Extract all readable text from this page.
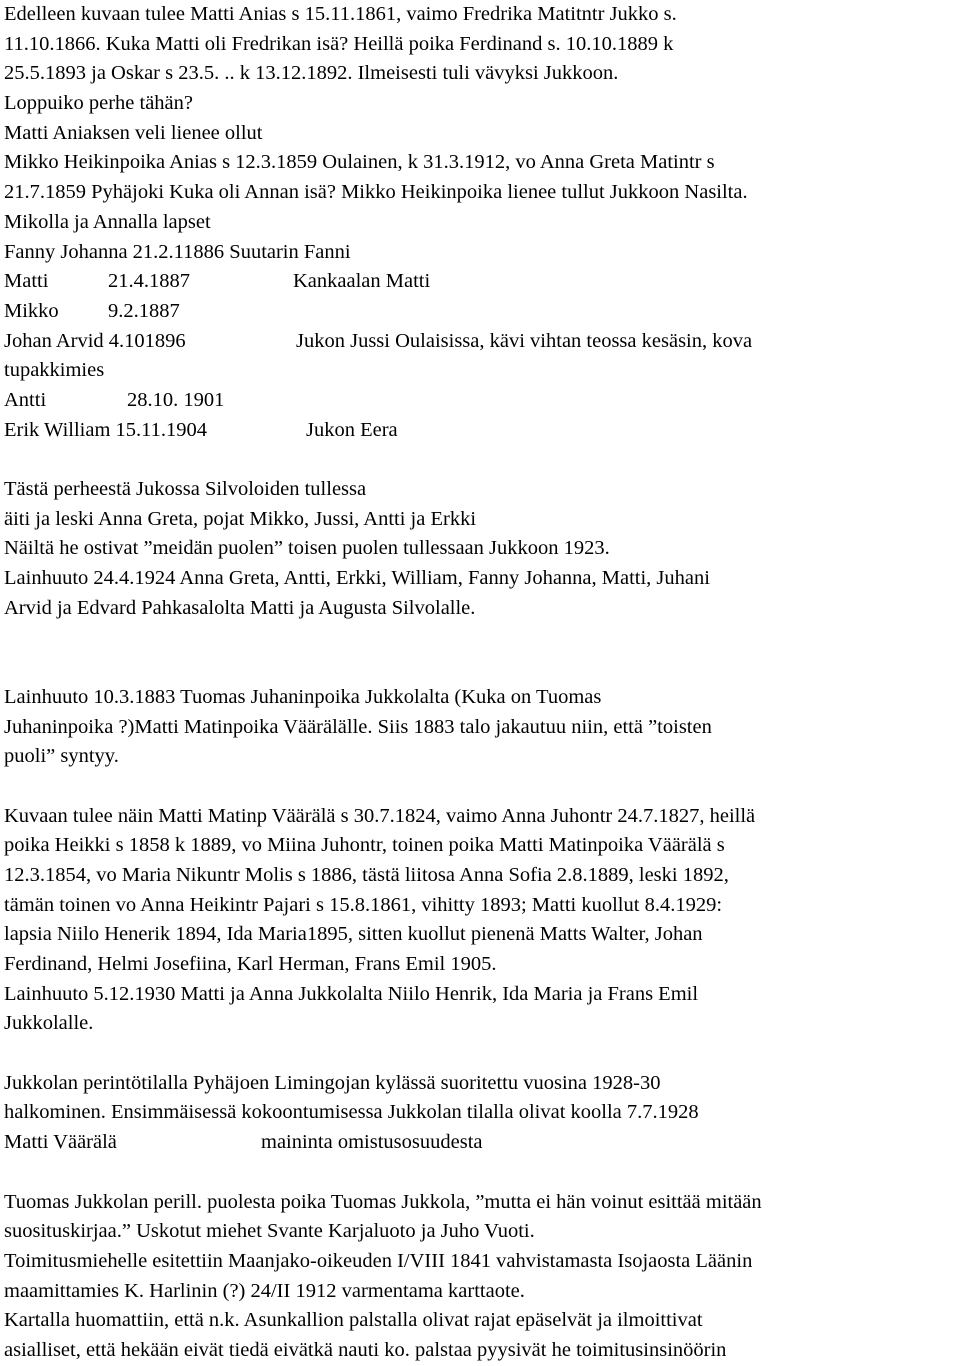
Edelleen kuvaan tulee Matti Anias s 15.11.1861, vaimo Fredrika Matitntr Jukko s.
11.10.1866. Kuka Matti oli Fredrikan isä? Heillä poika Ferdinand s. 10.10.1889 k
25.5.1893 ja Oskar s 23.5. .. k 13.12.1892. Ilmeisesti tuli vävyksi Jukkoon.
Loppuiko perhe tähän?
Matti Aniaksen veli lienee ollut
Mikko Heikinpoika Anias s 12.3.1859 Oulainen, k 31.3.1912, vo Anna Greta Matintr s
21.7.1859 Pyhäjoki Kuka oli Annan isä? Mikko Heikinpoika lienee tullut Jukkoon Nasilta.
Mikolla ja Annalla lapset
Fanny Johanna 21.2.11886 Suutarin Fanni
Matti	21.4.1887	Kankaalan Matti
Mikko 9.2.1887
Johan Arvid 4.101896	Jukon Jussi Oulaisissa, kävi vihtan teossa kesäsin, kova
tupakkimies
Antti	28.10. 1901
Erik William 15.11.1904	Jukon Eera
Tästä perheestä Jukossa Silvoloiden tullessa
äiti ja leski Anna Greta, pojat Mikko, Jussi, Antti ja Erkki
Näiltä he ostivat ”meidän puolen” toisen puolen tullessaan Jukkoon 1923.
Lainhuuto 24.4.1924 Anna Greta, Antti, Erkki, William, Fanny Johanna, Matti, Juhani
Arvid ja Edvard Pahkasalolta Matti ja Augusta Silvolalle.
Lainhuuto 10.3.1883 Tuomas Juhaninpoika Jukkolalta (Kuka on Tuomas
Juhaninpoika ?)Matti Matinpoika Väärälälle. Siis 1883 talo jakautuu niin, että ”toisten
puoli” syntyy.
Kuvaan tulee näin Matti Matinp Väärälä s 30.7.1824, vaimo Anna Juhontr 24.7.1827, heillä
poika Heikki s 1858 k 1889, vo Miina Juhontr, toinen poika Matti Matinpoika Väärälä s
12.3.1854, vo Maria Nikuntr Molis s 1886, tästä liitosa Anna Sofia 2.8.1889, leski 1892,
tämän toinen vo Anna Heikintr Pajari s 15.8.1861, vihitty 1893; Matti kuollut 8.4.1929:
lapsia Niilo Henerik 1894, Ida Maria1895, sitten kuollut pienenä Matts Walter, Johan
Ferdinand, Helmi Josefiina, Karl Herman, Frans Emil 1905.
Lainhuuto 5.12.1930 Matti ja Anna Jukkolalta Niilo Henrik, Ida Maria ja Frans Emil
Jukkolalle.
Jukkolan perintötilalla Pyhäjoen Limingojan kylässä suoritettu vuosina 1928-30
halkominen. Ensimmäisessä kokoontumisessa Jukkolan tilalla olivat koolla 7.7.1928
Matti Väärälä	maininta omistusosuudesta

Tuomas Jukkolan perill. puolesta poika Tuomas Jukkola, ”mutta ei hän voinut esittää mitään
suosituskirjaa.” Uskotut miehet Svante Karjaluoto ja Juho Vuoti.
Toimitusmiehelle esitettiin Maanjako-oikeuden I/VIII 1841 vahvistamasta Isojaosta Läänin
maamittamies K. Harlinin (?) 24/II 1912 varmentama karttaote.
Kartalla huomattiin, että n.k. Asunkallion palstalla olivat rajat epäselvät ja ilmoittivat
asialliset, että hekään eivät tiedä eivätkä nauti ko. palstaa pyysivät he toimitusinsinöörin
